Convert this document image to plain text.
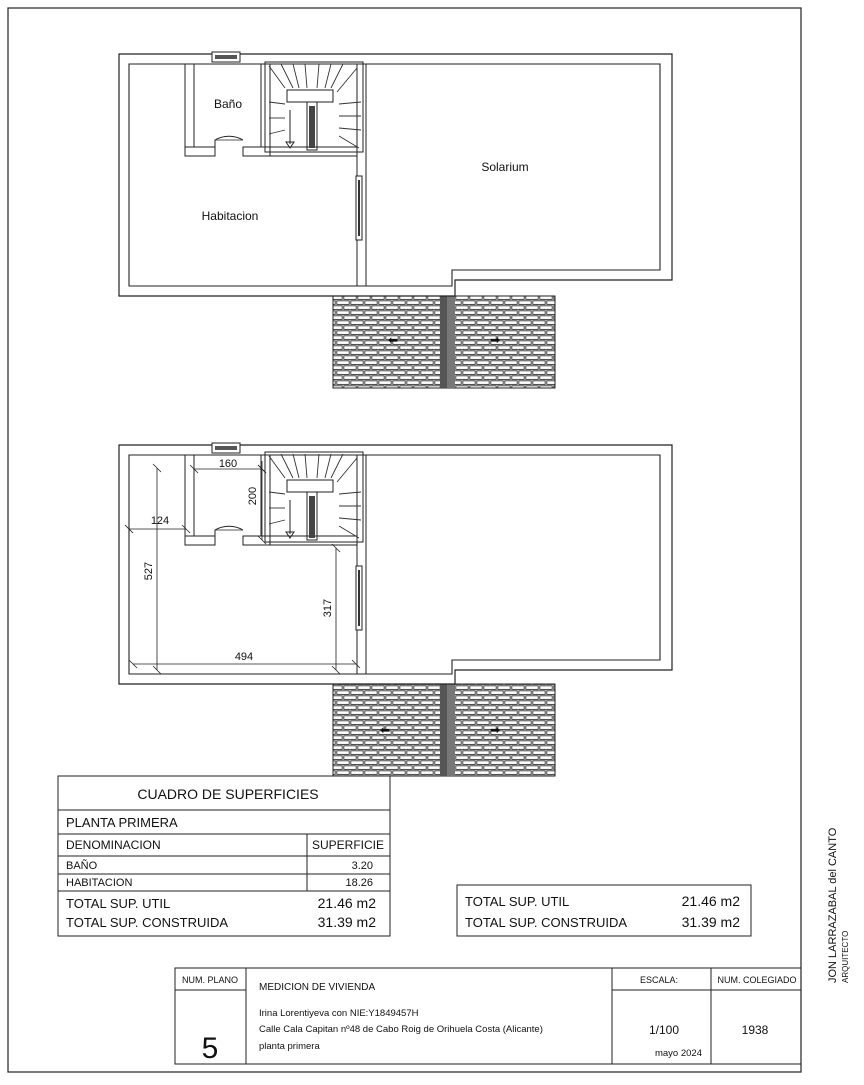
⬅	➡
Baño
Habitacion
Solarium
⬅	➡
160
200
124
527
317
494
CUADRO DE SUPERFICIES
PLANTA PRIMERA
DENOMINACION	SUPERFICIE
BAÑO	3.20
HABITACION	18.26
TOTAL SUP. UTIL	21.46 m2
TOTAL SUP. CONSTRUIDA	31.39 m2
TOTAL SUP. UTIL	21.46 m2
TOTAL SUP. CONSTRUIDA	31.39 m2
NUM. PLANO
5
MEDICION DE VIVIENDA
Irina Lorentiyeva con NIE:Y1849457H
Calle Cala Capitan nº48 de Cabo Roig de Orihuela Costa (Alicante)
planta primera
ESCALA:
1/100
mayo 2024
NUM. COLEGIADO
1938
JON LARRAZABAL del CANTO ARQUITECTO
